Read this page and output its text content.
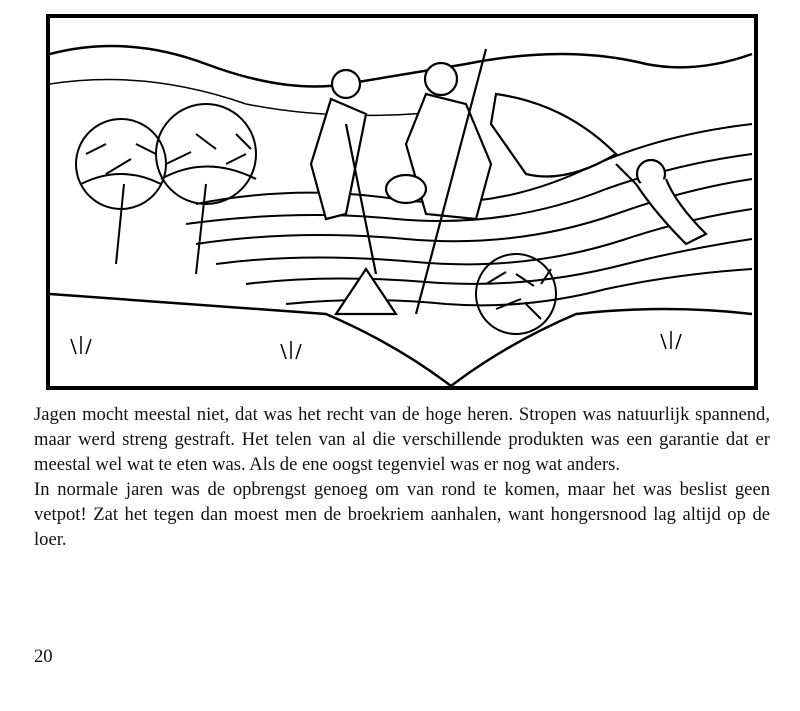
Jagen mocht meestal niet, dat was het recht van de hoge heren. Stropen was natuurlijk spannend, maar werd streng gestraft. Het telen van al die verschillende produkten was een garantie dat er meestal wel wat te eten was. Als de ene oogst tegenviel was er nog wat anders.

In normale jaren was de opbrengst genoeg om van rond te komen, maar het was beslist geen vetpot! Zat het tegen dan moest men de broekriem aanhalen, want hongersnood lag altijd op de loer.

20
